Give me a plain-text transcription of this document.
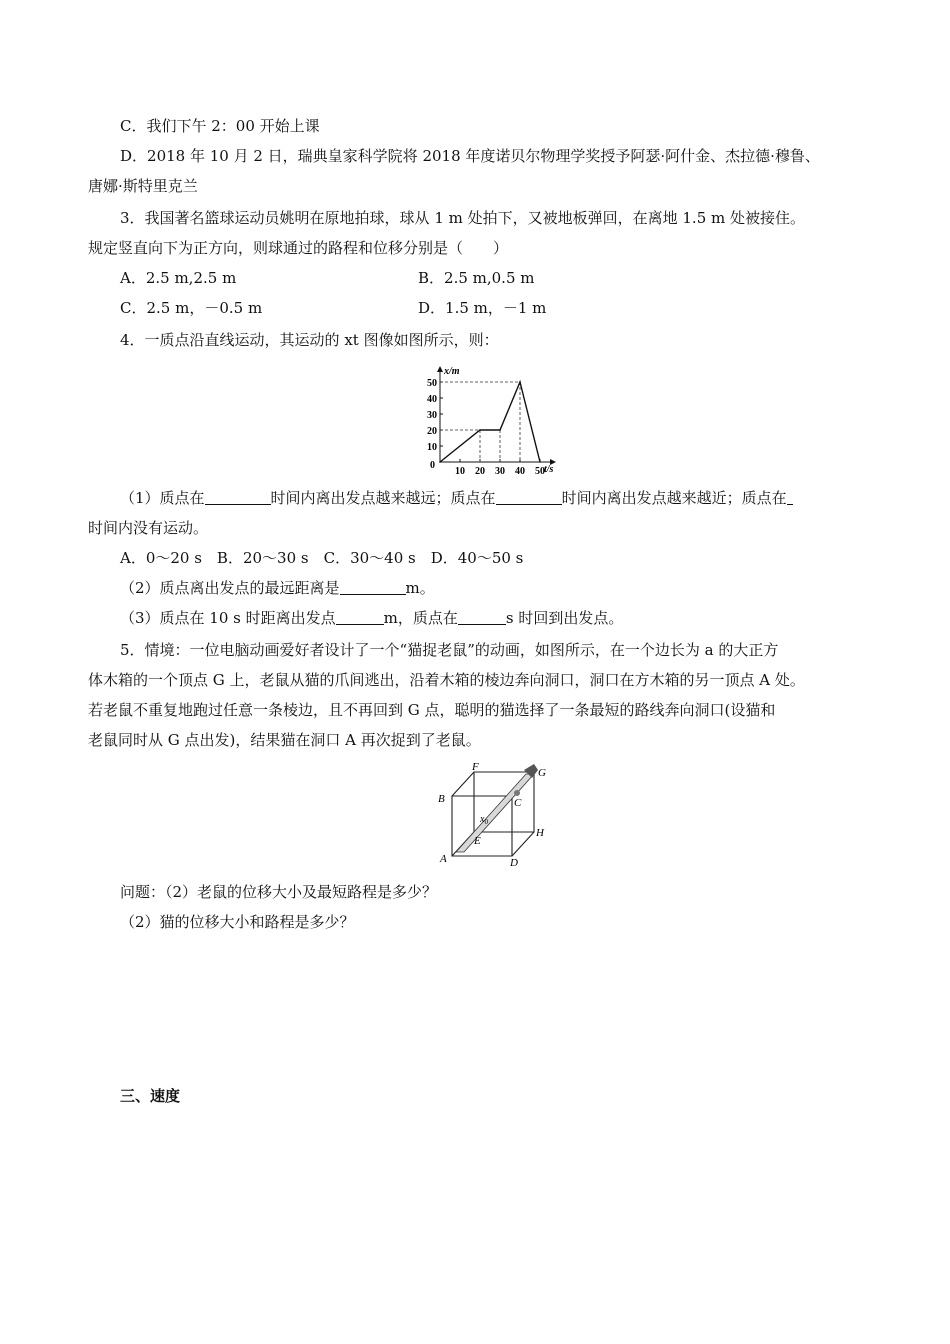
C．我们下午 2：00 开始上课
D．2018 年 10 月 2 日，瑞典皇家科学院将 2018 年度诺贝尔物理学奖授予阿瑟·阿什金、杰拉德·穆鲁、
唐娜·斯特里克兰
3．我国著名篮球运动员姚明在原地拍球，球从 1 m 处拍下，又被地板弹回，在离地 1.5 m 处被接住。
规定竖直向下为正方向，则球通过的路程和位移分别是（　　）
A．2.5 m,2.5 m	B．2.5 m,0.5 m
C．2.5 m，－0.5 m	D．1.5 m，－1 m
4．一质点沿直线运动，其运动的 xt 图像如图所示，则：
x/m
t/s
0
10
20
30
40
50
10 20 30 40 50
（1）质点在	时间内离出发点越来越远；质点在	时间内离出发点越来越近；质点在
时间内没有运动。
A．0～20 s　B．20～30 s　C．30～40 s　D．40～50 s
（2）质点离出发点的最远距离是	m。
（3）质点在 10 s 时距离出发点	m，质点在	s 时回到出发点。
5．情境：一位电脑动画爱好者设计了一个“猫捉老鼠”的动画，如图所示，在一个边长为 a 的大正方
体木箱的一个顶点 G 上，老鼠从猫的爪间逃出，沿着木箱的棱边奔向洞口，洞口在方木箱的另一顶点 A 处。
若老鼠不重复地跑过任意一条棱边，且不再回到 G 点，聪明的猫选择了一条最短的路线奔向洞口(设猫和
老鼠同时从 G 点出发)，结果猫在洞口 A 再次捉到了老鼠。
F	G
B	C
$x_0$
E
H
A	D
问题：（2）老鼠的位移大小及最短路程是多少？
（2）猫的位移大小和路程是多少？
三、速度
